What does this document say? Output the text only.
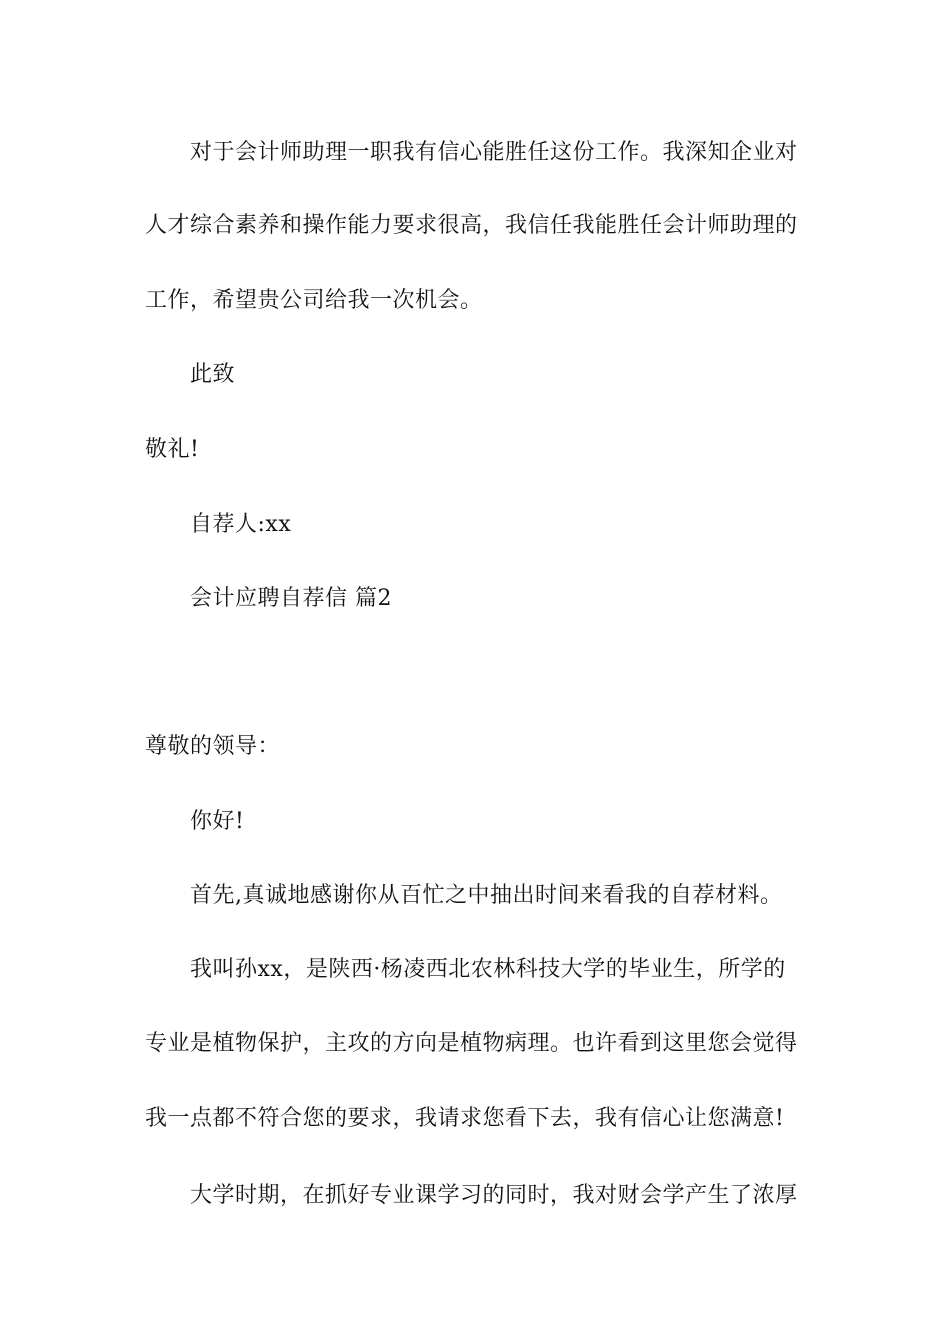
对于会计师助理一职我有信心能胜任这份工作。我深知企业对
人才综合素养和操作能力要求很高，我信任我能胜任会计师助理的
工作，希望贵公司给我一次机会。
此致
敬礼!
自荐人:xx
会计应聘自荐信 篇2
尊敬的领导：
你好!
首先,真诚地感谢你从百忙之中抽出时间来看我的自荐材料。
我叫孙xx，是陕西·杨凌西北农林科技大学的毕业生，所学的
专业是植物保护，主攻的方向是植物病理。也许看到这里您会觉得
我一点都不符合您的要求，我请求您看下去，我有信心让您满意!
大学时期，在抓好专业课学习的同时，我对财会学产生了浓厚
